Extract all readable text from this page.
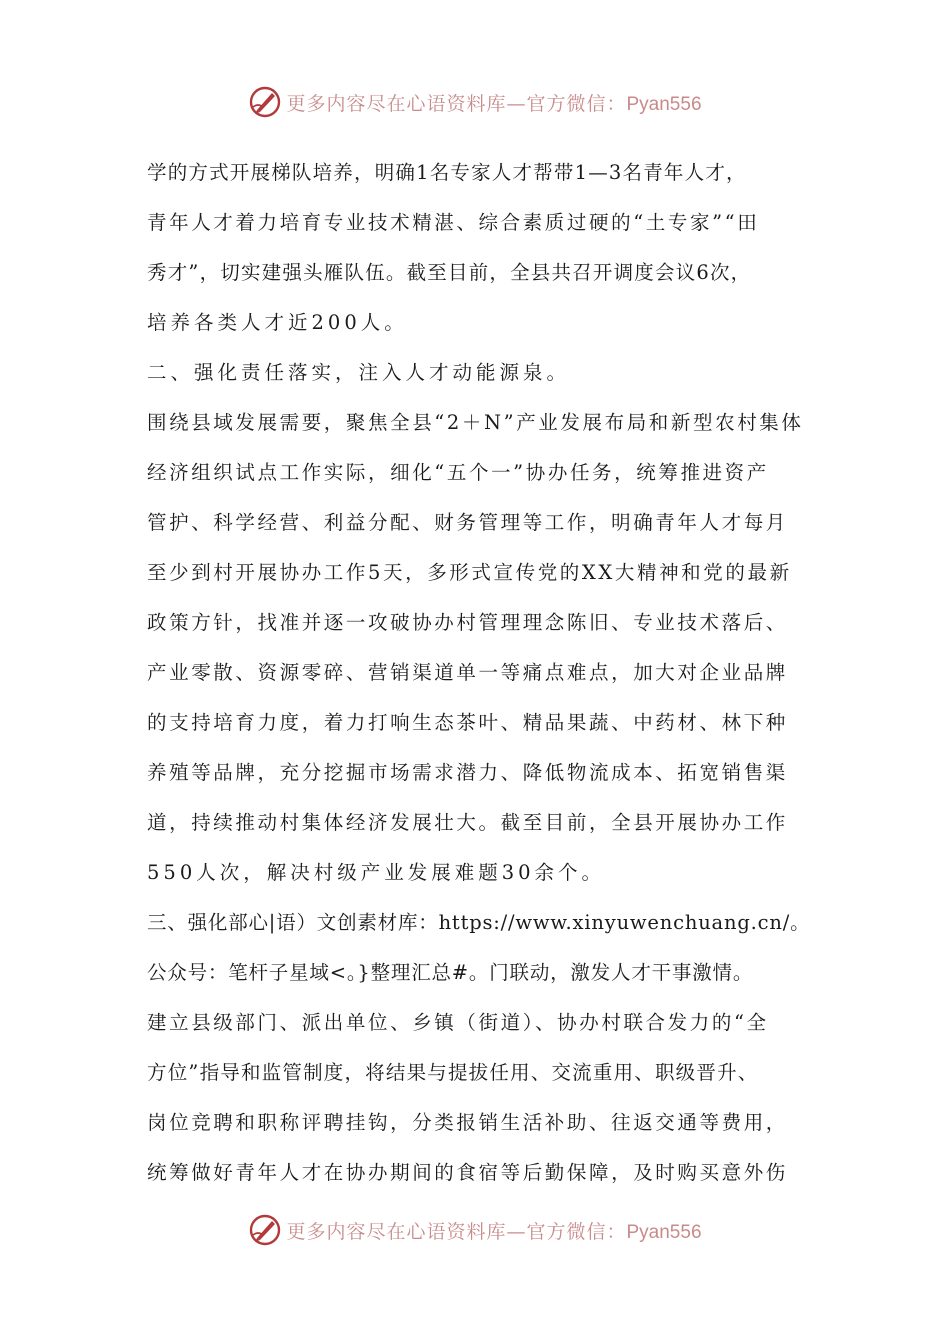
更多内容尽在心语资料库—官方微信：Pyan556
学的方式开展梯队培养，明确1名专家人才帮带1—3名青年人才，
青年人才着力培育专业技术精湛、综合素质过硬的“土专家”“田
秀才”，切实建强头雁队伍。截至目前，全县共召开调度会议6次，
培养各类人才近200人。
二、强化责任落实，注入人才动能源泉。
围绕县域发展需要，聚焦全县“2＋N”产业发展布局和新型农村集体
经济组织试点工作实际，细化“五个一”协办任务，统筹推进资产
管护、科学经营、利益分配、财务管理等工作，明确青年人才每月
至少到村开展协办工作5天，多形式宣传党的XX大精神和党的最新
政策方针，找准并逐一攻破协办村管理理念陈旧、专业技术落后、
产业零散、资源零碎、营销渠道单一等痛点难点，加大对企业品牌
的支持培育力度，着力打响生态茶叶、精品果蔬、中药材、林下种
养殖等品牌，充分挖掘市场需求潜力、降低物流成本、拓宽销售渠
道，持续推动村集体经济发展壮大。截至目前，全县开展协办工作
550人次，解决村级产业发展难题30余个。
三、强化部心|语）文创素材库：https://www.xinyuwenchuang.cn/。
公众号：笔杆子星域<。}整理汇总#。门联动，激发人才干事激情。
建立县级部门、派出单位、乡镇（街道）、协办村联合发力的“全
方位”指导和监管制度，将结果与提拔任用、交流重用、职级晋升、
岗位竞聘和职称评聘挂钩，分类报销生活补助、往返交通等费用，
统筹做好青年人才在协办期间的食宿等后勤保障，及时购买意外伤
更多内容尽在心语资料库—官方微信：Pyan556
